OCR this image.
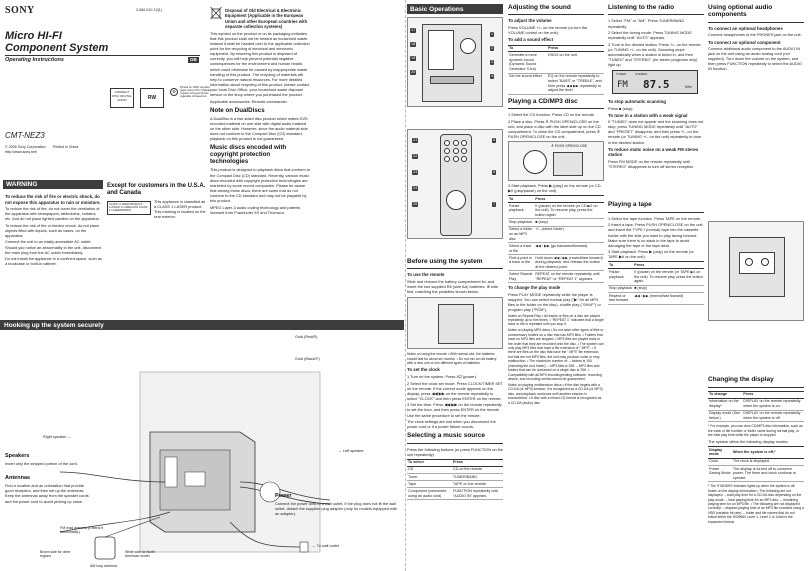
SONY	2-660-010-12(1)
Micro HI-FI
Component System
Operating Instructions	GB
COMPACT DISC DIGITAL AUDIO	RW
♻
Printed on 100% recycled paper using VOC (Volatile Organic Compound)-free vegetable oil based ink.
CMT-NEZ3
© 2006 Sony Corporation Printed in China
http://www.sony.net/
WARNING
To reduce the risk of fire or electric shock, do not expose this apparatus to rain or moisture.
To reduce the risk of fire, do not cover the ventilation of the apparatus with newspapers, tablecloths, curtains, etc. And do not place lighted candles on the apparatus.
To reduce the risk of fire or electric shock, do not place objects filled with liquids, such as vases, on the apparatus.
Connect the unit to an easily accessible AC outlet. Should you notice an abnormality in the unit, disconnect the main plug from the AC outlet immediately.
Do not install the appliance in a confined space, such as a bookcase or built-in cabinet.
Except for customers in the U.S.A. and Canada
CLASS 1 LASER PRODUCT LUOKAN 1 LASERLAITE KLASS 1 LASERAPPARAT
This appliance is classified as a CLASS 1 LASER product. This marking is located on the rear exterior.
Disposal of Old Electrical & Electronic Equipment (Applicable in the European Union and other European countries with separate collection systems)
This symbol on the product or on its packaging indicates that this product shall not be treated as household waste. Instead it shall be handed over to the applicable collection point for the recycling of electrical and electronic equipment. By ensuring this product is disposed of correctly, you will help prevent potential negative consequences for the environment and human health, which could otherwise be caused by inappropriate waste handling of this product. The recycling of materials will help to conserve natural resources. For more detailed information about recycling of this product, please contact your local Civic Office, your household waste disposal service or the shop where you purchased the product.
Applicable accessories: Remote commander
Note on DualDiscs
A DualDisc is a two sided disc product which mates DVD recorded material on one side with digital audio material on the other side. However, since the audio material side does not conform to the Compact Disc (CD) standard, playback on this product is not guaranteed.
Music discs encoded with copyright protection technologies
This product is designed to playback discs that conform to the Compact Disc (CD) standard. Recently, various music discs encoded with copyright protection technologies are marketed by some record companies. Please be aware that among those discs, there are some that do not conform to the CD standard and may not be playable by this product.
MPEG Layer-3 audio coding technology and patents licensed from Fraunhofer IIS and Thomson.
Hooking up the system securely
Gold (Red/R)
Gold (Black/©)
→ Left speaker
Right speaker ←
Speakers
Insert only the stripped portion of the cord.
Antennas
Find a location and an orientation that provide good reception, and then set up the antennas. Keep the antennas away from the speaker cords and the power cord to avoid picking up noise.
FM lead antenna (Extend it horizontally.)
Brown side for other regions
White side for North American model
AM loop antenna
Power
Connect the power cord to a wall outlet. If the plug does not fit the wall outlet, detach the supplied plug adaptor (only for models equipped with an adaptor).
← To wall outlet
Basic Operations
17
18
19
20
1
2
3
4
21
22
23
24
25
5
6
7
Before using the system
To use the remote
Slide and remove the battery compartment lid, and insert the two supplied R6 (size AA) batteries, ⊕ side first, matching the polarities shown below.
Notes on using the remote • With normal use, the batteries should last for about six months. • Do not mix an old battery with a new one or mix different types of batteries.
To set the clock
1 Turn on the system. Press I/⏻ (power).
2 Select the clock set mode. Press CLOCK/TIMER SET on the remote. If the current mode appears on the display, press ◀◀ ▶▶ on the remote repeatedly to select "CLOCK" and then press ENTER on the remote.
3 Set the time. Press ◀◀ ▶▶ on the remote repeatedly to set the hour, and then press ENTER on the remote. Use the same procedure to set the minute.
The clock settings are lost when you disconnect the power cord or if a power failure occurs.
Selecting a music source
Press the following buttons (or press FUNCTION on the unit repeatedly).
To select	Press
CD	CD on the remote
Tuner	TUNER/BAND
Tape	TAPE on the remote
Component (connected using an audio cord)	FUNCTION repeatedly until "AUDIO IN" appears.
Adjusting the sound
To adjust the volume
Press VOLUME +/– on the remote (or turn the VOLUME control on the unit).
To add a sound effect
To	Press
Generate a more dynamic sound (Dynamic Sound Generator X-tra)	DSGX on the unit
Set the sound effect	EQ on the remote repeatedly to select "BASS" or "TREBLE", and then press ◀◀ ▶▶ repeatedly to adjust the level.
Playing a CD/MP3 disc
1 Select the CD function. Press CD on the remote.
2 Place a disc. Press ≜ PUSH OPEN/CLOSE on the unit, and place a disc with the label side up on the CD compartment. To close the CD compartment, press ≜ PUSH OPEN/CLOSE on the unit.
≜ PUSH OPEN/CLOSE
3 Start playback. Press ▶ (play) on the remote (or CD ▶II (play/pause) on the unit).
To	Press
Pause playback	II (pause) on the remote (or CD ▶II on the unit). To resume play, press the button again.
Stop playback	■ (stop)
Select a folder on an MP3 disc	+/– (select folder)
Select a track or file	◀◀ / ▶▶ (go backward/forward)
Find a point in a track or file	Hold down ◀◀ / ▶▶ (rewind/fast forward) during playback, and release the button at the desired point.
Select Repeat Play	REPEAT on the remote repeatedly until "REPEAT" or "REPEAT 1" appears.
To change the play mode
Press PLAY MODE repeatedly while the player is stopped. You can select normal play ("▶" for all MP3 files in the folder on the disc), shuffle play ("SHUF") or program play ("PGM").
Notes on Repeat Play • All tracks or files on a disc are played repeatedly up to five times. • "REPEAT 1" indicates that a single track or file is repeated until you stop it.
Notes on playing MP3 discs • Do not save other types of files or unnecessary folders on a disc that has MP3 files. • Folders that have no MP3 files are skipped. • MP3 files are played back in the order that they are recorded onto the disc. • The system can only play MP3 files that have a file extension of ".MP3". • If there are files on the disc that have the ".MP3" file extension, but that are not MP3 files, the unit may produce noise or may malfunction. • The maximum number of: – folders is 150 (including the root folder). – MP3 files is 255. – MP3 files and folders that can be contained on a single disc is 256. • Compatibility with all MP3 encoding/writing software, recording device, and recording media cannot be guaranteed.
Notes on playing multisession discs • If the disc begins with a CD-DA (or MP3) session, it is recognized as a CD-DA (or MP3) disc, and playback continues until another session is encountered. • A disc with a mixed CD format is recognized as a CD-DA (audio) disc.
Listening to the radio
1 Select "FM" or "AM". Press TUNER/BAND repeatedly.
2 Select the tuning mode. Press TUNING MODE repeatedly until "AUTO" appears.
3 Tune in the desired station. Press +/– on the remote (or TUNING +/– on the unit). Scanning stops automatically when a station is tuned in, and then "TUNED" and "STEREO" (for stereo programs only) light up.
TUNED	STEREO
FM 87.5	MHz
To stop automatic scanning
Press ■ (stop).
To tune in a station with a weak signal
If "TUNED" does not appear and the scanning does not stop, press TUNING MODE repeatedly until "AUTO" and "PRESET" disappear, and then press +/– on the remote (or TUNING +/– on the unit) repeatedly to tune in the desired station.
To reduce static noise on a weak FM stereo station
Press FM MODE on the remote repeatedly until "STEREO" disappears to turn off stereo reception.
Playing a tape
1 Select the tape function. Press TAPE on the remote.
2 Insert a tape. Press PUSH OPEN/CLOSE on the unit, and insert the TYPE I (normal) tape into the cassette holder with the side you want to play facing forward. Make sure there is no slack in the tape to avoid damaging the tape or the tape deck.
3 Start playback. Press ▶ (play) on the remote (or TAPE ▶II on the unit).
To	Press
Pause playback	II (pause) on the remote (or TAPE ▶II on the unit). To resume play, press the button again.
Stop playback	■ (stop)
Rewind or fast forward	◀◀ / ▶▶ (rewind/fast forward)
Using optional audio components
To connect an optional headphones
Connect headphones to the PHONES jack on the unit.
To connect an optional component
Connect additional audio component to the AUDIO IN jack on the unit using an audio analog cord (not supplied). Turn down the volume on the system, and then press FUNCTION repeatedly to select the AUDIO IN function.
Changing the display
To change	Press
Information on the display*	DISPLAY on the remote repeatedly when the system is on.
Display mode (See below.)	DISPLAY on the remote repeatedly when the system is off.
* For example, you can view CD/MP3 disc information, such as the track or file number or folder name during normal play, or the total play time while the player is stopped.
The system offers the following display modes.
Display mode	When the system is off,*
Clock	The clock is displayed.
Power Saving Mode	The display is turned off to conserve power. The timer and clock continue to operate.
* The STANDBY indicator lights up when the system is off. Notes on the display information • The following are not displayed: – total play time for a CD-DA disc depending on the play mode. – total playing time for an MP3 disc. – remaining playing time for an MP3 file. • The following are not displayed correctly: – elapsed playing time of an MP3 file encoded using a VBR (variable bit rate). – folder and file names that do not follow either the ISO9660 Level 1, Level 2 or Joliet in the expansion format.
